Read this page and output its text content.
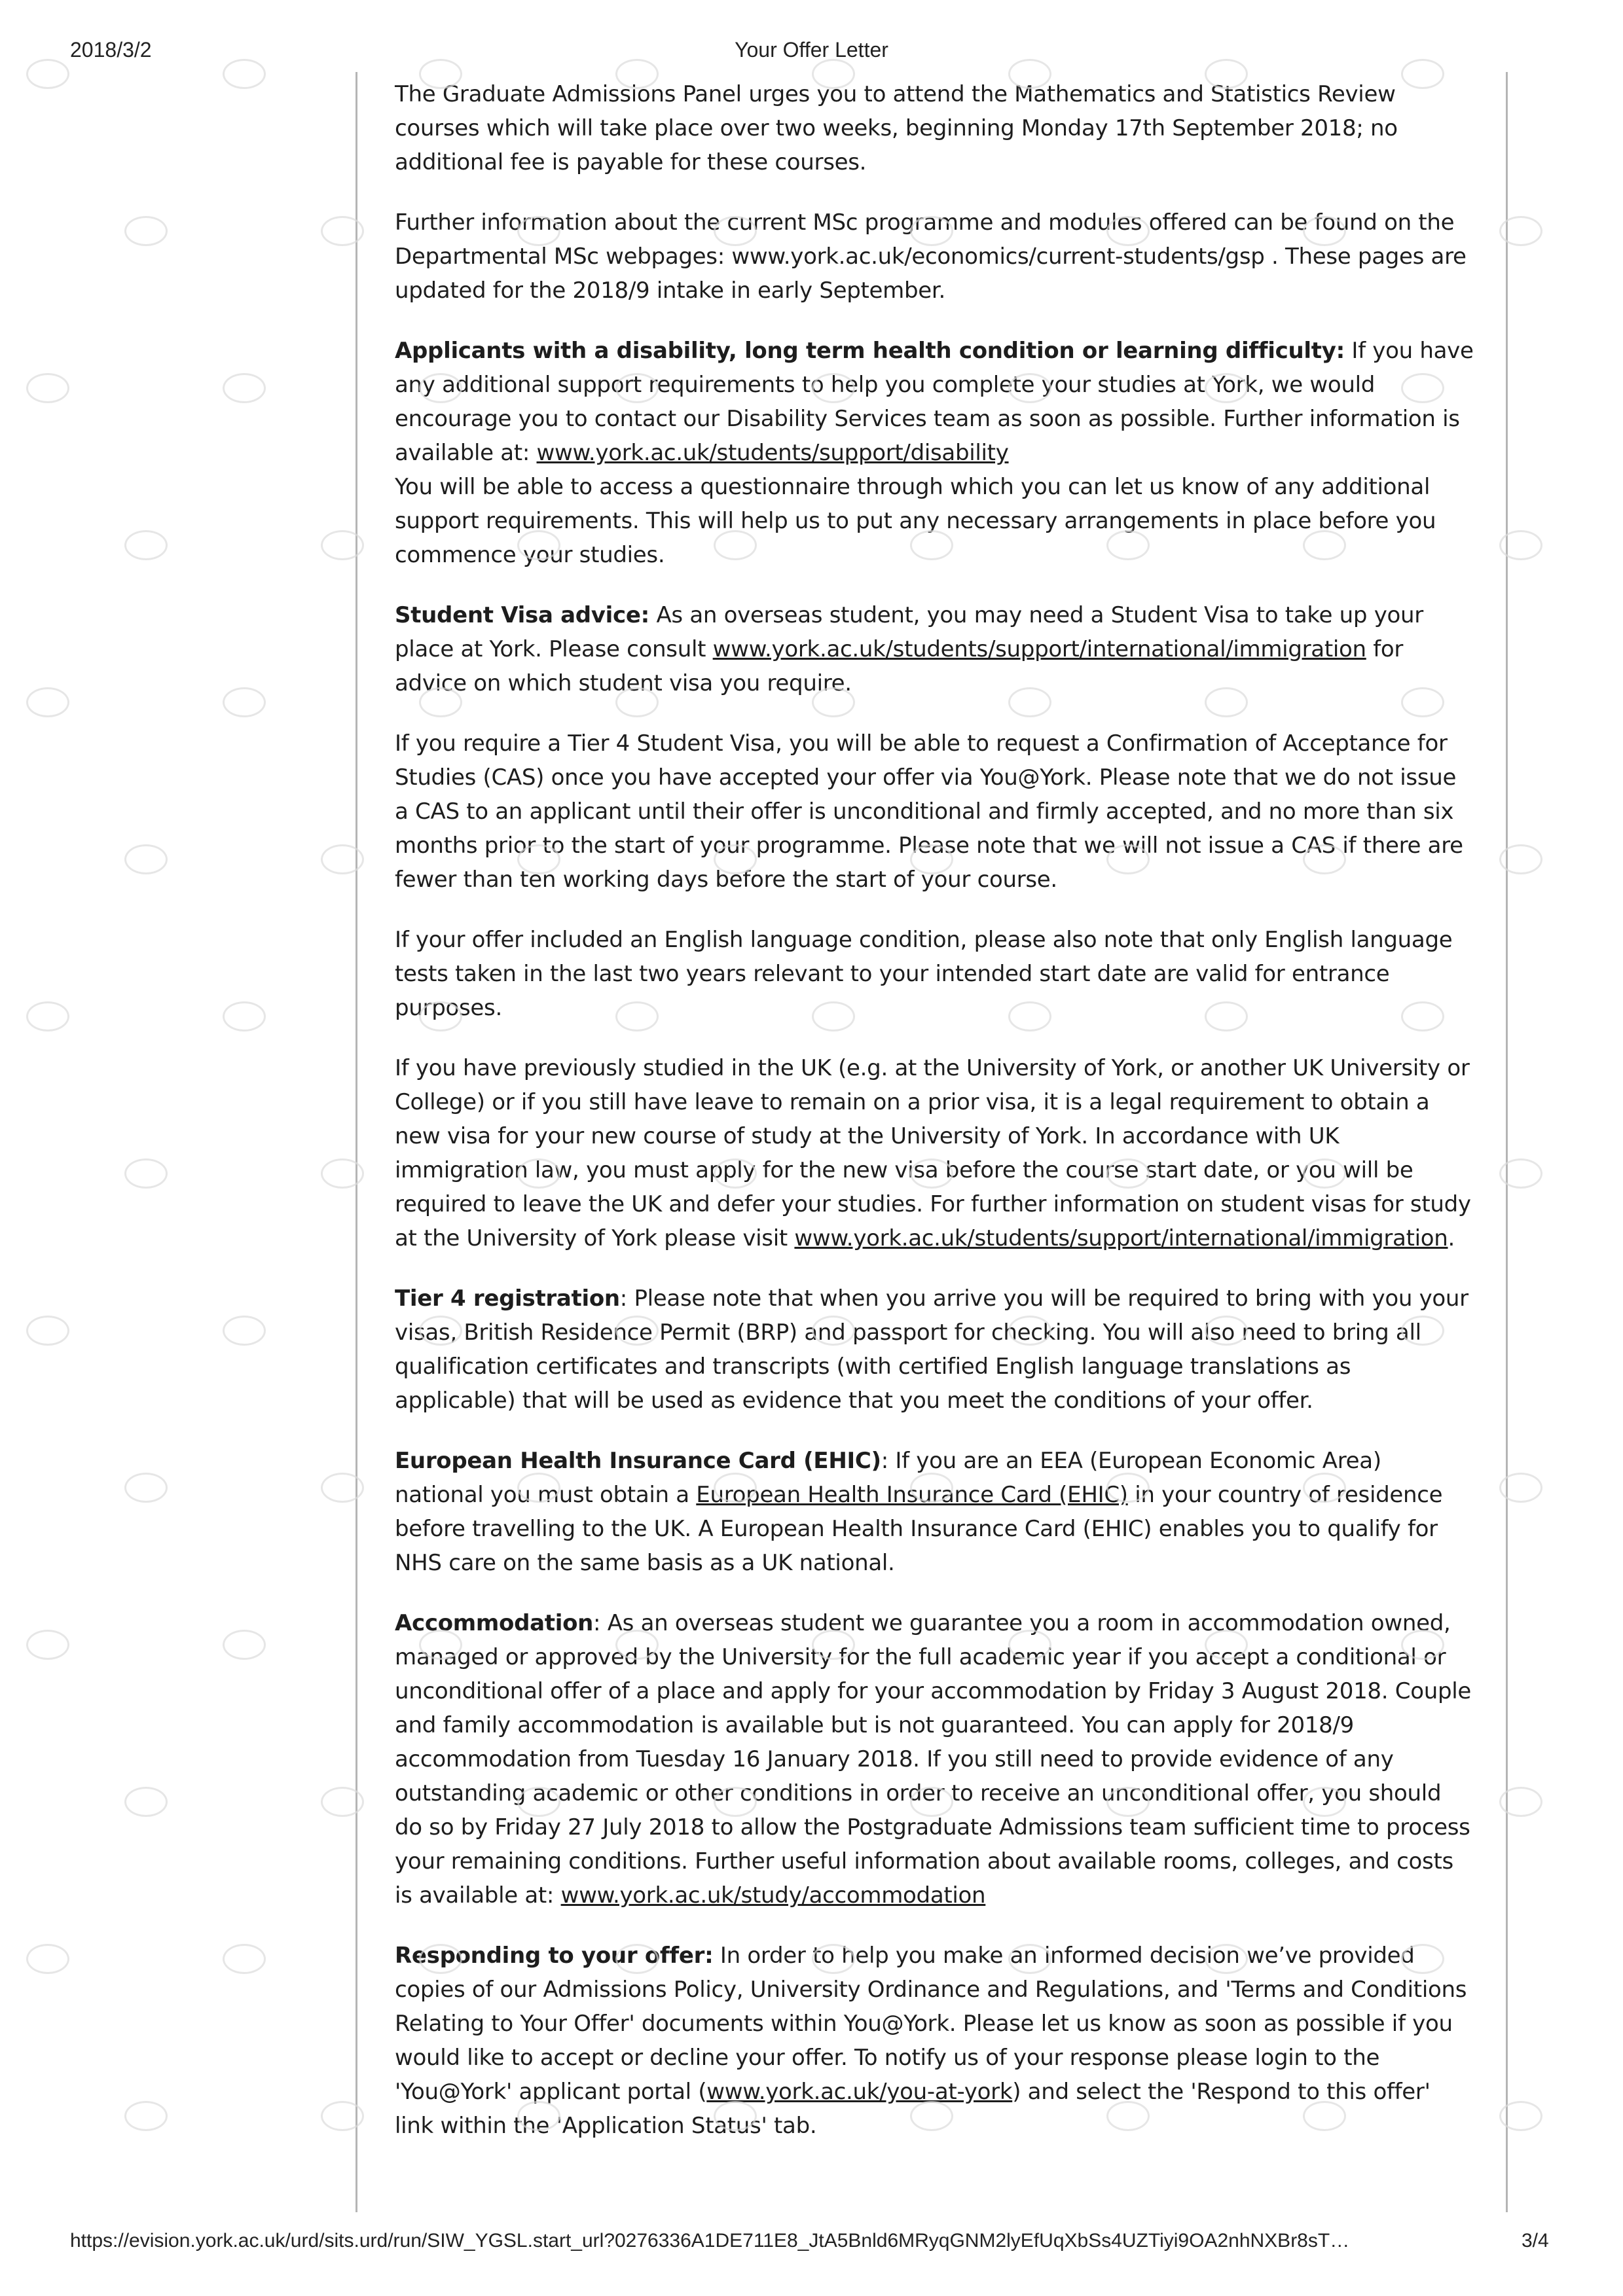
2018/3/2	Your Offer Letter

The Graduate Admissions Panel urges you to attend the Mathematics and Statistics Review courses which will take place over two weeks, beginning Monday 17th September 2018; no additional fee is payable for these courses.

Further information about the current MSc programme and modules offered can be found on the Departmental MSc webpages: www.york.ac.uk/economics/current-students/gsp . These pages are updated for the 2018/9 intake in early September.

Applicants with a disability, long term health condition or learning difficulty: If you have any additional support requirements to help you complete your studies at York, we would encourage you to contact our Disability Services team as soon as possible. Further information is available at: www.york.ac.uk/students/support/disability
You will be able to access a questionnaire through which you can let us know of any additional support requirements. This will help us to put any necessary arrangements in place before you commence your studies.

Student Visa advice: As an overseas student, you may need a Student Visa to take up your place at York. Please consult www.york.ac.uk/students/support/international/immigration for advice on which student visa you require.

If you require a Tier 4 Student Visa, you will be able to request a Confirmation of Acceptance for Studies (CAS) once you have accepted your offer via You@York. Please note that we do not issue a CAS to an applicant until their offer is unconditional and firmly accepted, and no more than six months prior to the start of your programme. Please note that we will not issue a CAS if there are fewer than ten working days before the start of your course.

If your offer included an English language condition, please also note that only English language tests taken in the last two years relevant to your intended start date are valid for entrance purposes.

If you have previously studied in the UK (e.g. at the University of York, or another UK University or College) or if you still have leave to remain on a prior visa, it is a legal requirement to obtain a new visa for your new course of study at the University of York. In accordance with UK immigration law, you must apply for the new visa before the course start date, or you will be required to leave the UK and defer your studies. For further information on student visas for study at the University of York please visit www.york.ac.uk/students/support/international/immigration.

Tier 4 registration: Please note that when you arrive you will be required to bring with you your visas, British Residence Permit (BRP) and passport for checking. You will also need to bring all qualification certificates and transcripts (with certified English language translations as applicable) that will be used as evidence that you meet the conditions of your offer.

European Health Insurance Card (EHIC): If you are an EEA (European Economic Area) national you must obtain a European Health Insurance Card (EHIC) in your country of residence before travelling to the UK. A European Health Insurance Card (EHIC) enables you to qualify for NHS care on the same basis as a UK national.

Accommodation: As an overseas student we guarantee you a room in accommodation owned, managed or approved by the University for the full academic year if you accept a conditional or unconditional offer of a place and apply for your accommodation by Friday 3 August 2018. Couple and family accommodation is available but is not guaranteed. You can apply for 2018/9 accommodation from Tuesday 16 January 2018. If you still need to provide evidence of any outstanding academic or other conditions in order to receive an unconditional offer, you should do so by Friday 27 July 2018 to allow the Postgraduate Admissions team sufficient time to process your remaining conditions. Further useful information about available rooms, colleges, and costs is available at: www.york.ac.uk/study/accommodation

Responding to your offer: In order to help you make an informed decision we’ve provided copies of our Admissions Policy, University Ordinance and Regulations, and 'Terms and Conditions Relating to Your Offer' documents within You@York. Please let us know as soon as possible if you would like to accept or decline your offer. To notify us of your response please login to the 'You@York' applicant portal (www.york.ac.uk/you-at-york) and select the 'Respond to this offer' link within the 'Application Status' tab.

https://evision.york.ac.uk/urd/sits.urd/run/SIW_YGSL.start_url?0276336A1DE711E8_JtA5Bnld6MRyqGNM2lyEfUqXbSs4UZTiyi9OA2nhNXBr8sT…	3/4
